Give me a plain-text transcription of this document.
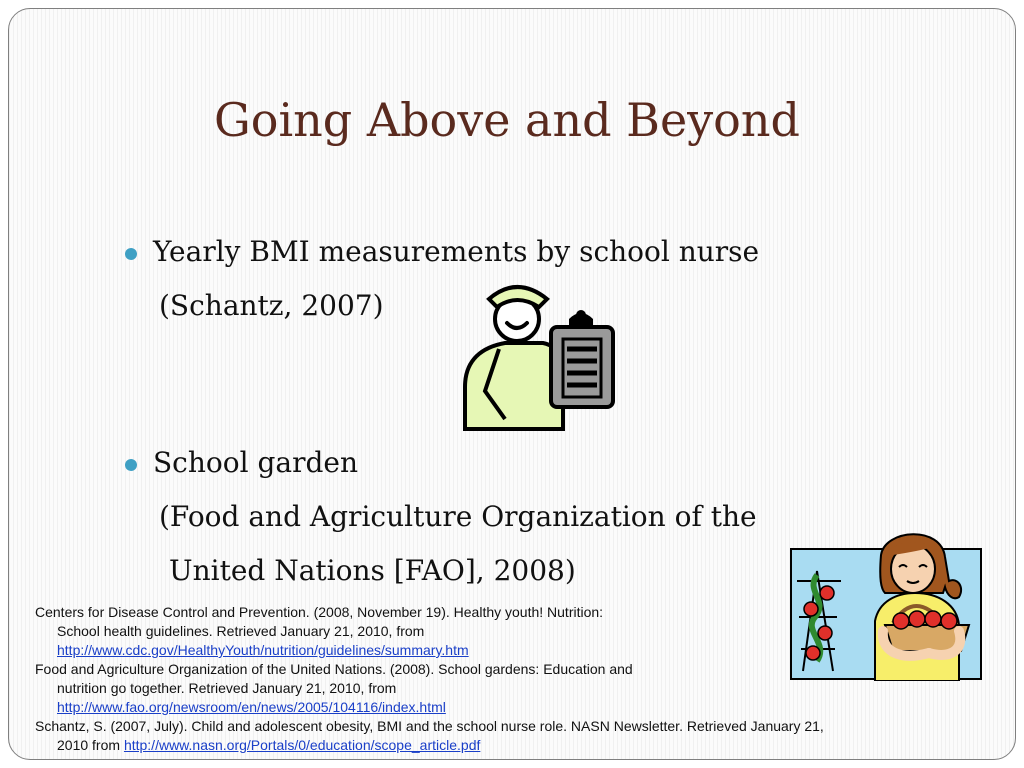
Going Above and Beyond
Yearly BMI measurements by school nurse
(Schantz, 2007)
School garden
(Food and Agriculture Organization of the
United Nations [FAO], 2008)

Centers for Disease Control and Prevention. (2008, November 19). Healthy youth! Nutrition:

School health guidelines. Retrieved January 21, 2010, from

http://www.cdc.gov/HealthyYouth/nutrition/guidelines/summary.htm

Food and Agriculture Organization of the United Nations. (2008). School gardens: Education and

nutrition go together. Retrieved January 21, 2010, from

http://www.fao.org/newsroom/en/news/2005/104116/index.html

Schantz, S. (2007, July). Child and adolescent obesity, BMI and the school nurse role. NASN Newsletter. Retrieved January 21,

2010 from http://www.nasn.org/Portals/0/education/scope_article.pdf
